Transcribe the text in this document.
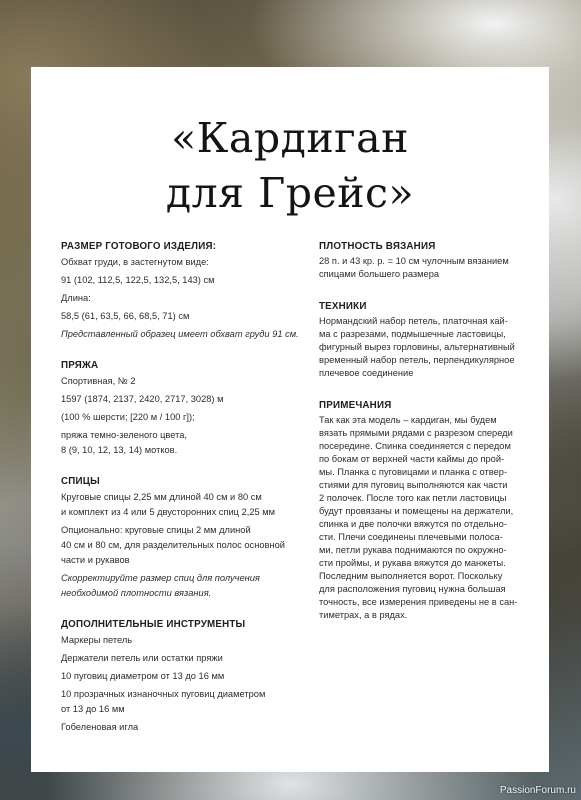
«Кардиган
для Грейс»
РАЗМЕР ГОТОВОГО ИЗДЕЛИЯ:
Обхват груди, в застегнутом виде:
91 (102, 112,5, 122,5, 132,5, 143) см
Длина:
58,5 (61, 63,5, 66, 68,5, 71) см
Представленный образец имеет обхват груди 91 см.
ПРЯЖА
Спортивная, № 2
1597 (1874, 2137, 2420, 2717, 3028) м
(100 % шерсти; [220 м / 100 г]);
пряжа темно-зеленого цвета,
8 (9, 10, 12, 13, 14) мотков.
СПИЦЫ
Круговые спицы 2,25 мм длиной 40 см и 80 см
и комплект из 4 или 5 двусторонних спиц 2,25 мм
Опционально: круговые спицы 2 мм длиной
40 см и 80 см, для разделительных полос основной
части и рукавов
Скорректируйте размер спиц для получения
необходимой плотности вязания.
ДОПОЛНИТЕЛЬНЫЕ ИНСТРУМЕНТЫ
Маркеры петель
Держатели петель или остатки пряжи
10 пуговиц диаметром от 13 до 16 мм
10 прозрачных изнаночных пуговиц диаметром
от 13 до 16 мм
Гобеленовая игла
ПЛОТНОСТЬ ВЯЗАНИЯ
28 п. и 43 кр. р. = 10 см чулочным вязанием
спицами большего размера
ТЕХНИКИ
Нормандский набор петель, платочная кай-
ма с разрезами, подмышечные ластовицы,
фигурный вырез горловины, альтернативный
временный набор петель, перпендикулярное
плечевое соединение
ПРИМЕЧАНИЯ
Так как эта модель – кардиган, мы будем
вязать прямыми рядами с разрезом спереди
посередине. Спинка соединяется с передом
по бокам от верхней части каймы до прой-
мы. Планка с пуговицами и планка с отвер-
стиями для пуговиц выполняются как части
2 полочек. После того как петли ластовицы
будут провязаны и помещены на держатели,
спинка и две полочки вяжутся по отдельно-
сти. Плечи соединены плечевыми полоса-
ми, петли рукава поднимаются по окружно-
сти проймы, и рукава вяжутся до манжеты.
Последним выполняется ворот. Поскольку
для расположения пуговиц нужна большая
точность, все измерения приведены не в сан-
тиметрах, а в рядах.
PassionForum.ru
